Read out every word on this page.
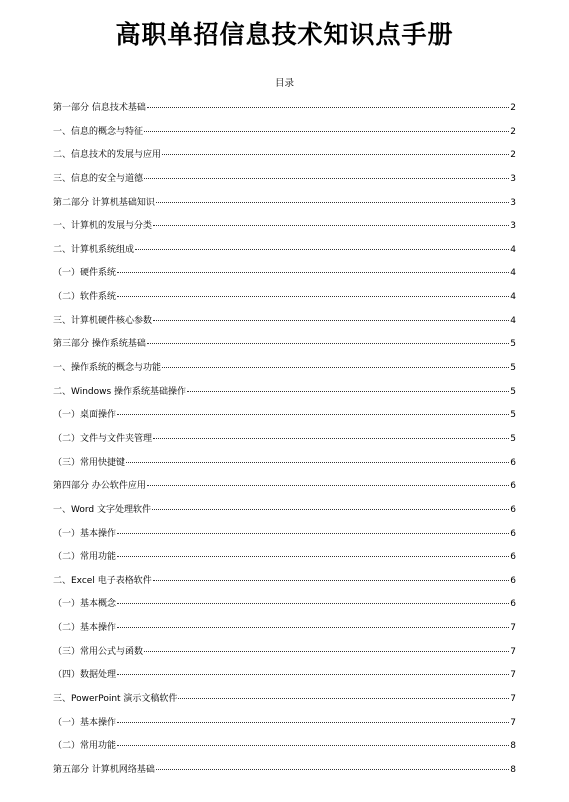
高职单招信息技术知识点手册
目录
第一部分 信息技术基础	2
一、信息的概念与特征	2
二、信息技术的发展与应用	2
三、信息的安全与道德	3
第二部分 计算机基础知识	3
一、计算机的发展与分类	3
二、计算机系统组成	4
（一）硬件系统	4
（二）软件系统	4
三、计算机硬件核心参数	4
第三部分 操作系统基础	5
一、操作系统的概念与功能	5
二、Windows 操作系统基础操作	5
（一）桌面操作	5
（二）文件与文件夹管理	5
（三）常用快捷键	6
第四部分 办公软件应用	6
一、Word 文字处理软件	6
（一）基本操作	6
（二）常用功能	6
二、Excel 电子表格软件	6
（一）基本概念	6
（二）基本操作	7
（三）常用公式与函数	7
（四）数据处理	7
三、PowerPoint 演示文稿软件	7
（一）基本操作	7
（二）常用功能	8
第五部分 计算机网络基础	8
